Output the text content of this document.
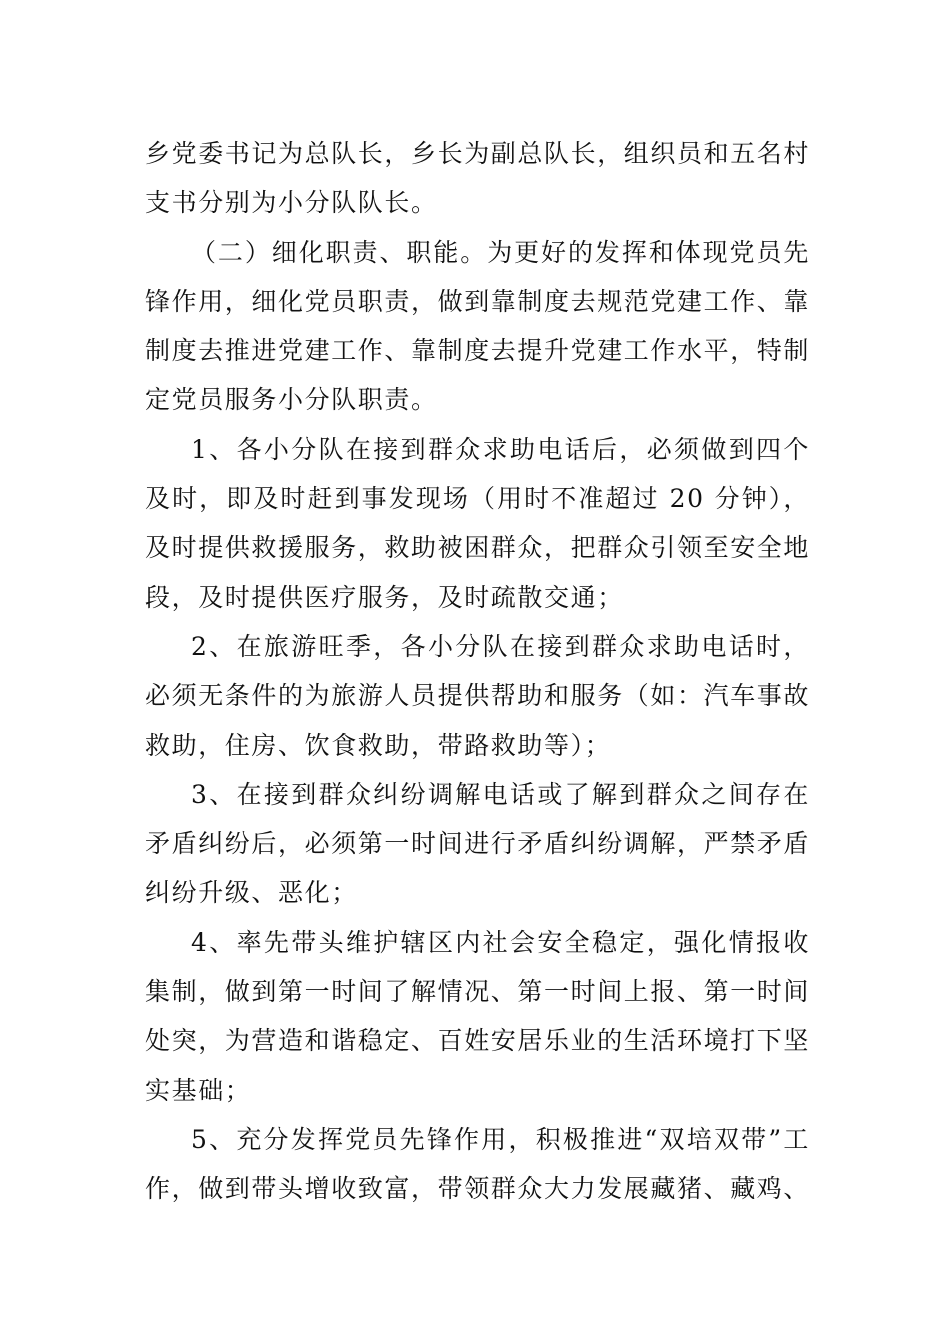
乡党委书记为总队长，乡长为副总队长，组织员和五名村支书分别为小分队队长。

（二）细化职责、职能。为更好的发挥和体现党员先锋作用，细化党员职责，做到靠制度去规范党建工作、靠制度去推进党建工作、靠制度去提升党建工作水平，特制定党员服务小分队职责。

1、各小分队在接到群众求助电话后，必须做到四个及时，即及时赶到事发现场（用时不准超过 20 分钟），及时提供救援服务，救助被困群众，把群众引领至安全地段，及时提供医疗服务，及时疏散交通；

2、在旅游旺季，各小分队在接到群众求助电话时，必须无条件的为旅游人员提供帮助和服务（如：汽车事故救助，住房、饮食救助，带路救助等）；

3、在接到群众纠纷调解电话或了解到群众之间存在矛盾纠纷后，必须第一时间进行矛盾纠纷调解，严禁矛盾纠纷升级、恶化；

4、率先带头维护辖区内社会安全稳定，强化情报收集制，做到第一时间了解情况、第一时间上报、第一时间处突，为营造和谐稳定、百姓安居乐业的生活环境打下坚实基础；

5、充分发挥党员先锋作用，积极推进“双培双带”工作，做到带头增收致富，带领群众大力发展藏猪、藏鸡、
